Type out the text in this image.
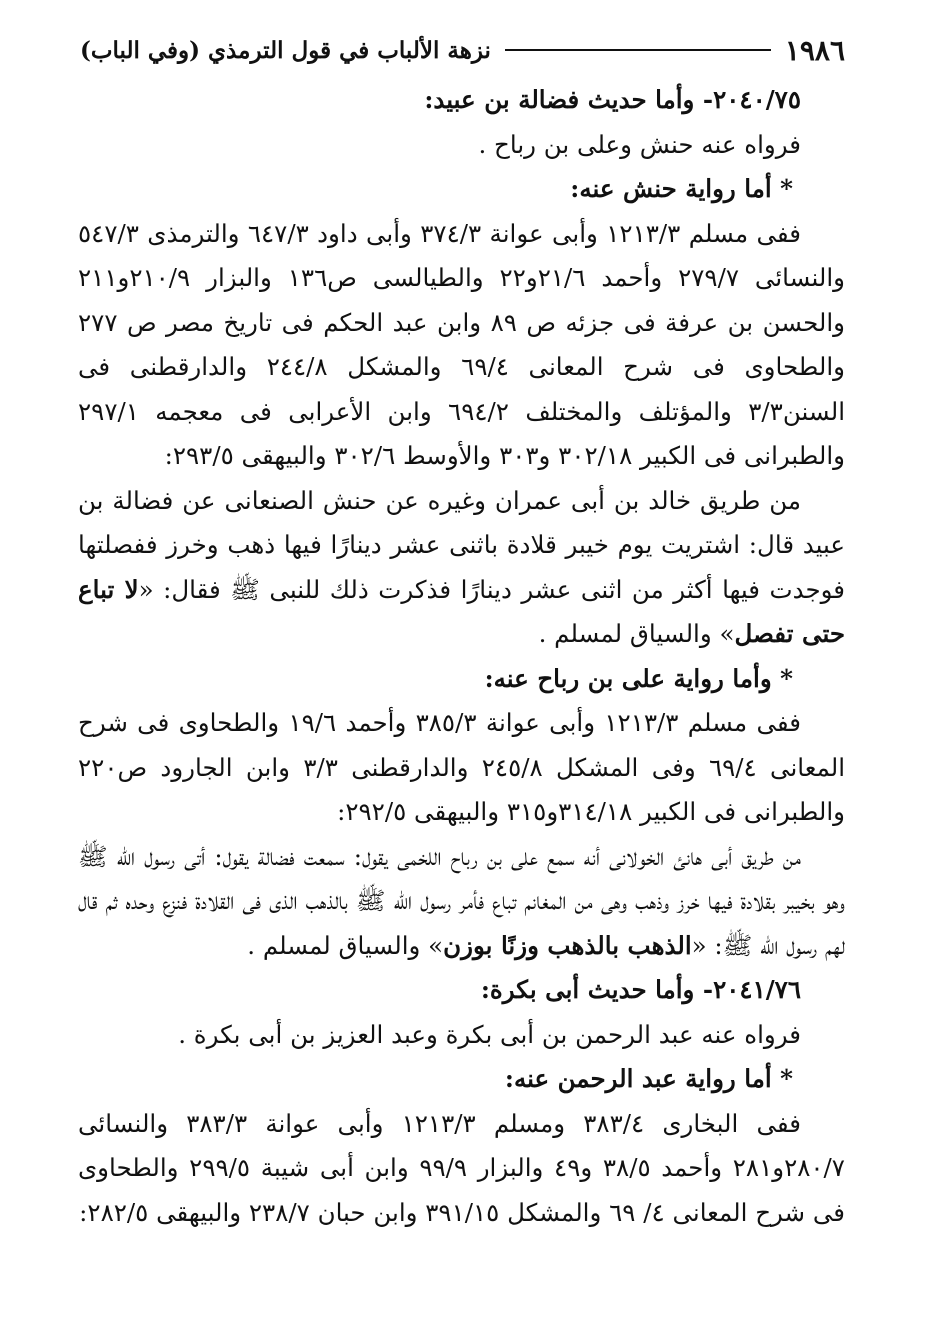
١٩٨٦
نزهة الألباب في قول الترمذي (وفي الباب)

٢٠٤٠/٧٥- وأما حديث فضالة بن عبيد:

فرواه عنه حنش وعلى بن رباح .

* أما رواية حنش عنه:

ففى مسلم ١٢١٣/٣ وأبى عوانة ٣٧٤/٣ وأبى داود ٦٤٧/٣ والترمذى ٥٤٧/٣ والنسائى ٢٧٩/٧ وأحمد ٢١/٦و٢٢ والطيالسى ص١٣٦ والبزار ٢١٠/٩و٢١١ والحسن بن عرفة فى جزئه ص ٨٩ وابن عبد الحكم فى تاريخ مصر ص ٢٧٧ والطحاوى فى شرح المعانى ٦٩/٤ والمشكل ٢٤٤/٨ والدارقطنى فى السنن٣/٣ والمؤتلف والمختلف ٦٩٤/٢ وابن الأعرابى فى معجمه ٢٩٧/١ والطبرانى فى الكبير ٣٠٢/١٨ و٣٠٣ والأوسط ٣٠٢/٦ والبيهقى ٢٩٣/٥:

من طريق خالد بن أبى عمران وغيره عن حنش الصنعانى عن فضالة بن عبيد قال: اشتريت يوم خيبر قلادة باثنى عشر دينارًا فيها ذهب وخرز ففصلتها فوجدت فيها أكثر من اثنى عشر دينارًا فذكرت ذلك للنبى ﷺ فقال: «لا تباع حتى تفصل» والسياق لمسلم .

* وأما رواية على بن رباح عنه:

ففى مسلم ١٢١٣/٣ وأبى عوانة ٣٨٥/٣ وأحمد ١٩/٦ والطحاوى فى شرح المعانى ٦٩/٤ وفى المشكل ٢٤٥/٨ والدارقطنى ٣/٣ وابن الجارود ص٢٢٠ والطبرانى فى الكبير ٣١٤/١٨و٣١٥ والبيهقى ٢٩٢/٥:

من طريق أبى هانئ الخولانى أنه سمع على بن رباح اللخمى يقول: سمعت فضالة يقول: أتى رسول الله ﷺ وهو بخيبر بقلادة فيها خرز وذهب وهى من المغانم تباع فأمر رسول الله ﷺ بالذهب الذى فى القلادة فنزع وحده ثم قال لهم رسول الله ﷺ: «الذهب بالذهب وزنًا بوزن» والسياق لمسلم .

٢٠٤١/٧٦- وأما حديث أبى بكرة:

فرواه عنه عبد الرحمن بن أبى بكرة وعبد العزيز بن أبى بكرة .

* أما رواية عبد الرحمن عنه:

ففى البخارى ٣٨٣/٤ ومسلم ١٢١٣/٣ وأبى عوانة ٣٨٣/٣ والنسائى ٢٨٠/٧و٢٨١ وأحمد ٣٨/٥ و٤٩ والبزار ٩٩/٩ وابن أبى شيبة ٢٩٩/٥ والطحاوى فى شرح المعانى ٤/ ٦٩ والمشكل ٣٩١/١٥ وابن حبان ٢٣٨/٧ والبيهقى ٢٨٢/٥:
